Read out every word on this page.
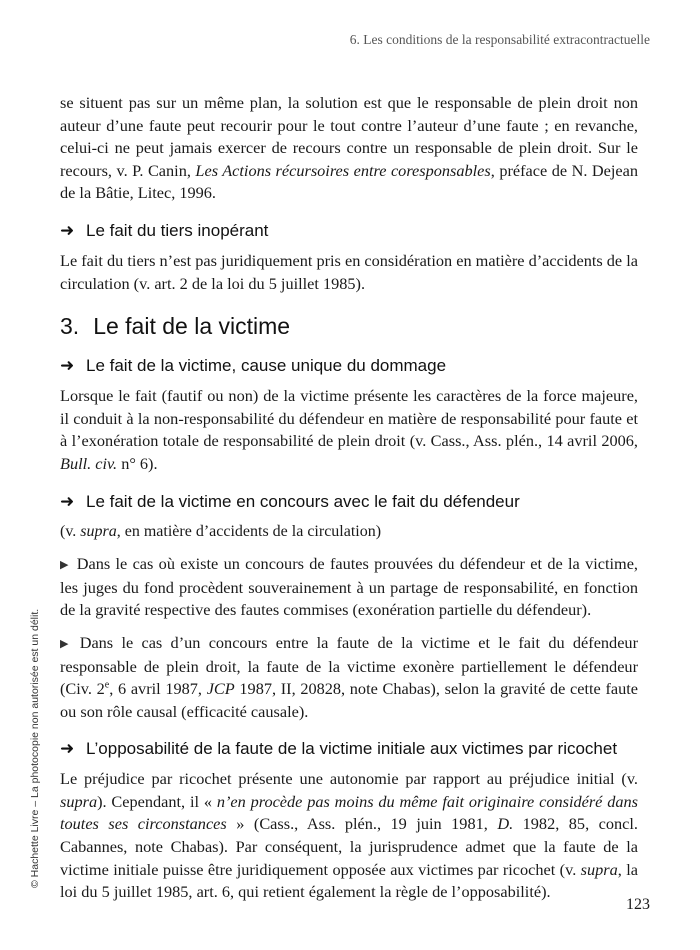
6. Les conditions de la responsabilité extracontractuelle

se situent pas sur un même plan, la solution est que le responsable de plein droit non auteur d’une faute peut recourir pour le tout contre l’auteur d’une faute ; en revanche, celui-ci ne peut jamais exercer de recours contre un responsable de plein droit. Sur le recours, v. P. Canin, Les Actions récursoires entre coresponsables, préface de N. Dejean de la Bâtie, Litec, 1996.

➜ Le fait du tiers inopérant

Le fait du tiers n’est pas juridiquement pris en considération en matière d’accidents de la circulation (v. art. 2 de la loi du 5 juillet 1985).

3. Le fait de la victime
➜ Le fait de la victime, cause unique du dommage

Lorsque le fait (fautif ou non) de la victime présente les caractères de la force majeure, il conduit à la non-responsabilité du défendeur en matière de responsabilité pour faute et à l’exonération totale de responsabilité de plein droit (v. Cass., Ass. plén., 14 avril 2006, Bull. civ. n° 6).

➜ Le fait de la victime en concours avec le fait du défendeur

(v. supra, en matière d’accidents de la circulation)

▶ Dans le cas où existe un concours de fautes prouvées du défendeur et de la victime, les juges du fond procèdent souverainement à un partage de responsabilité, en fonction de la gravité respective des fautes commises (exonération partielle du défendeur).

▶ Dans le cas d’un concours entre la faute de la victime et le fait du défendeur responsable de plein droit, la faute de la victime exonère partiellement le défendeur (Civ. 2e, 6 avril 1987, JCP 1987, II, 20828, note Chabas), selon la gravité de cette faute ou son rôle causal (efficacité causale).

➜ L’opposabilité de la faute de la victime initiale aux victimes par ricochet

Le préjudice par ricochet présente une autonomie par rapport au préjudice initial (v. supra). Cependant, il « n’en procède pas moins du même fait originaire considéré dans toutes ses circonstances » (Cass., Ass. plén., 19 juin 1981, D. 1982, 85, concl. Cabannes, note Chabas). Par conséquent, la jurisprudence admet que la faute de la victime initiale puisse être juridiquement opposée aux victimes par ricochet (v. supra, la loi du 5 juillet 1985, art. 6, qui retient également la règle de l’opposabilité).

© Hachette Livre – La photocopie non autorisée est un délit.
123
